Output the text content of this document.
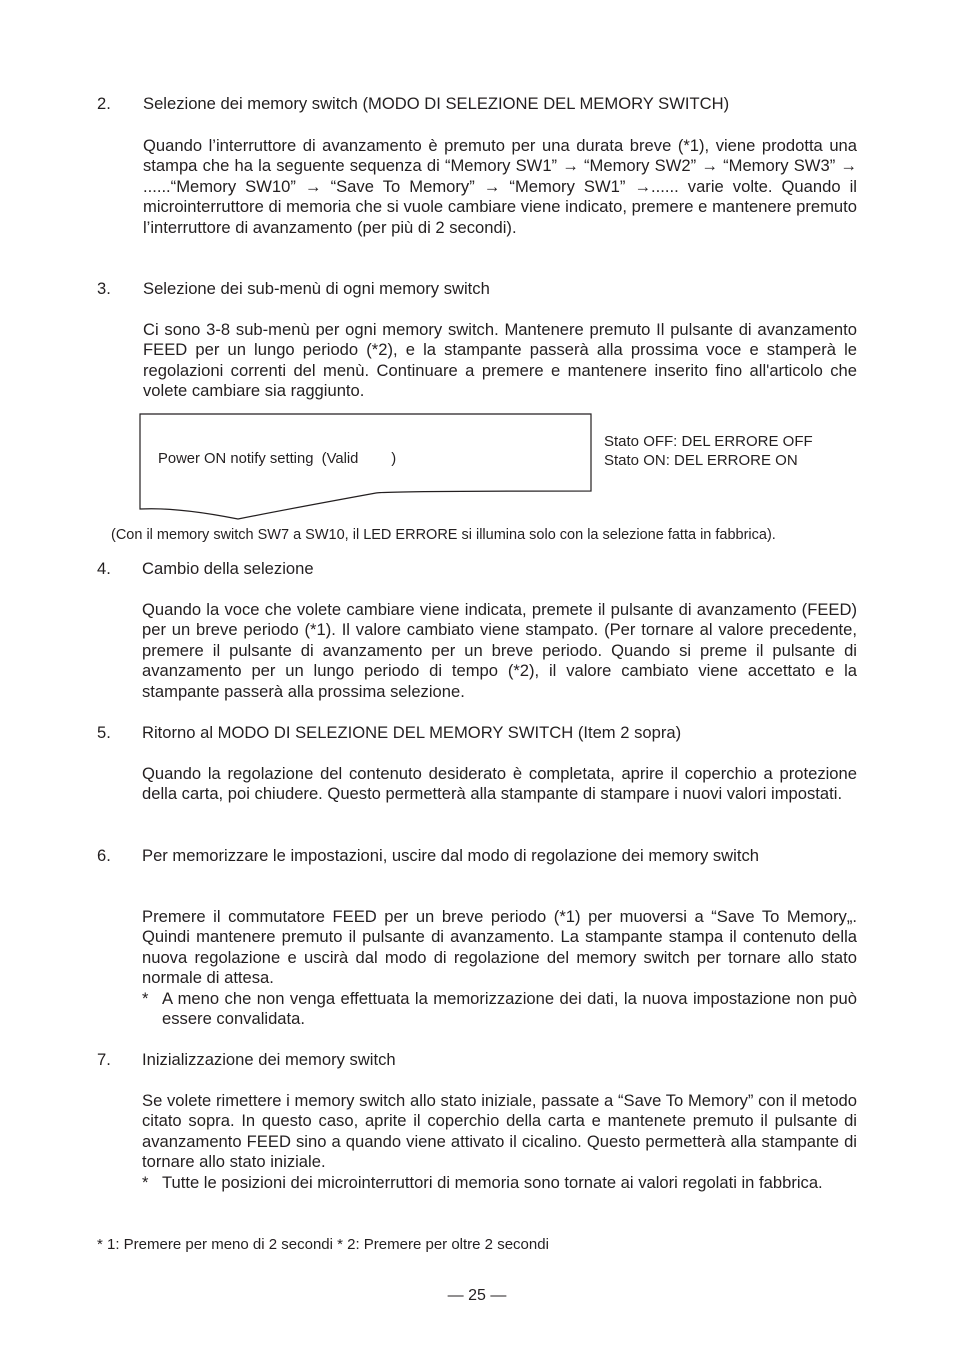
2. Selezione dei memory switch (MODO DI SELEZIONE DEL MEMORY SWITCH)
Quando l’interruttore di avanzamento è premuto per una durata breve (*1), viene prodotta una stampa che ha la seguente sequenza di “Memory SW1” → “Memory SW2” → “Memory SW3” → ......“Memory SW10” → “Save To Memory” → “Memory SW1” →...... varie volte. Quando il microinterruttore di memoria che si vuole cambiare viene indicato, premere e mantenere premuto l’interruttore di avanzamento (per più di 2 secondi).
3. Selezione dei sub-menù di ogni memory switch
Ci sono 3-8 sub-menù per ogni memory switch. Mantenere premuto Il pulsante di avanzamento FEED per un lungo periodo (*2), e la stampante passerà alla prossima voce e stamperà le regolazioni correnti del menù. Continuare a premere e mantenere inserito fino all'articolo che volete cambiare sia raggiunto.
Power ON notify setting  (Valid        )
Stato OFF: DEL ERRORE OFF
Stato ON: DEL ERRORE ON
(Con il memory switch SW7 a SW10, il LED ERRORE si illumina solo con la selezione fatta in fabbrica).
4. Cambio della selezione
Quando la voce che volete cambiare viene indicata, premete il pulsante di avanzamento (FEED) per un breve periodo (*1). Il valore cambiato viene stampato. (Per tornare al valore precedente, premere il pulsante di avanzamento per un breve periodo. Quando si preme il pulsante di avanzamento per un lungo periodo di tempo (*2), il valore cambiato viene accettato e la stampante passerà alla prossima selezione.
5. Ritorno al MODO DI SELEZIONE DEL MEMORY SWITCH (Item 2 sopra)
Quando la regolazione del contenuto desiderato è completata, aprire il coperchio a protezione della carta, poi chiudere. Questo permetterà alla stampante di stampare i nuovi valori impostati.
6. Per memorizzare le impostazioni, uscire dal modo di regolazione dei memory switch
Premere il commutatore FEED per un breve periodo (*1) per muoversi a “Save To Memory„. Quindi mantenere premuto il pulsante di avanzamento. La stampante stampa il contenuto della nuova regolazione e uscirà dal modo di regolazione del memory switch per tornare allo stato normale di attesa.
* A meno che non venga effettuata la memorizzazione dei dati, la nuova impostazione non può essere convalidata.
7. Inizializzazione dei memory switch
Se volete rimettere i memory switch allo stato iniziale, passate a “Save To Memory” con il metodo citato sopra. In questo caso, aprite il coperchio della carta e mantenete premuto il pulsante di avanzamento FEED sino a quando viene attivato il cicalino. Questo permetterà alla stampante di tornare allo stato iniziale.
* Tutte le posizioni dei microinterruttori di memoria sono tornate ai valori regolati in fabbrica.
* 1: Premere per meno di 2 secondi * 2: Premere per oltre 2 secondi
— 25 —
